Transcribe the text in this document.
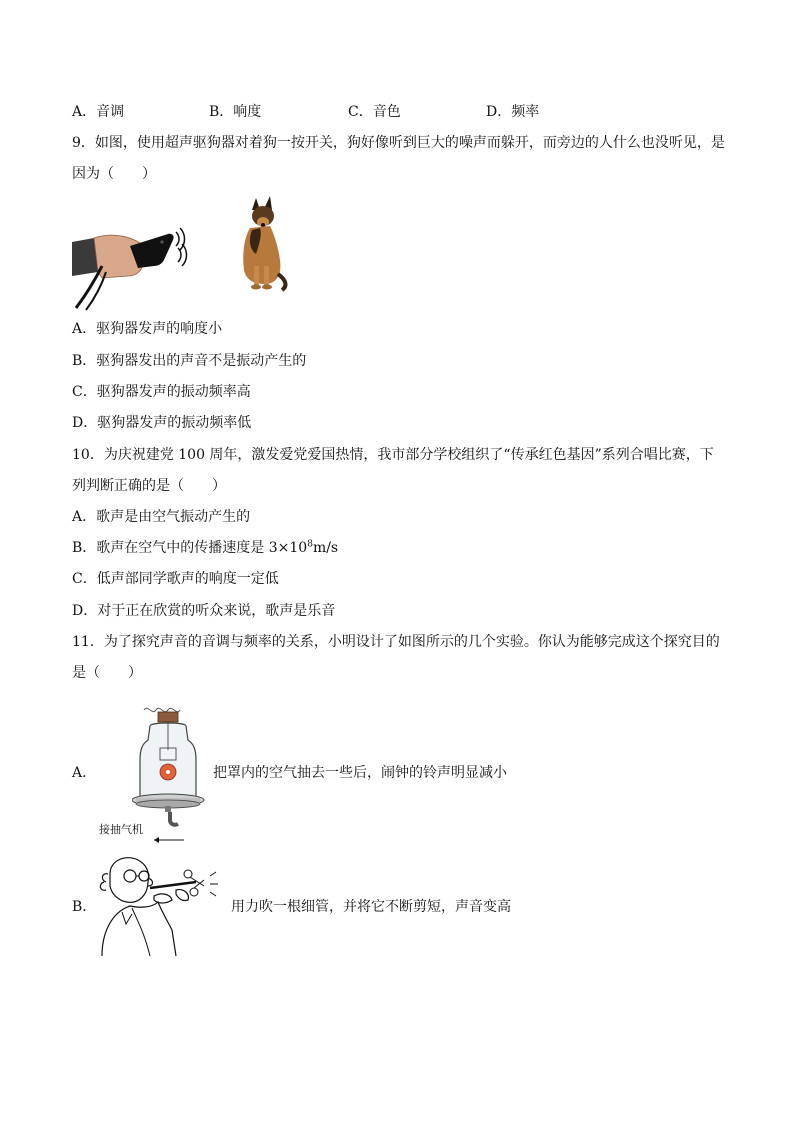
A．音调	B．响度	C．音色	D．频率
9．如图，使用超声驱狗器对着狗一按开关，狗好像听到巨大的噪声而躲开，而旁边的人什么也没听见，是
因为（　　）
A．驱狗器发声的响度小
B．驱狗器发出的声音不是振动产生的
C．驱狗器发声的振动频率高
D．驱狗器发声的振动频率低
10．为庆祝建党 100 周年，激发爱党爱国热情，我市部分学校组织了“传承红色基因”系列合唱比赛，下
列判断正确的是（　　）
A．歌声是由空气振动产生的
B．歌声在空气中的传播速度是 $3\times 10^8m/s$
C．低声部同学歌声的响度一定低
D．对于正在欣赏的听众来说，歌声是乐音
11．为了探究声音的音调与频率的关系，小明设计了如图所示的几个实验。你认为能够完成这个探究目的
是（　　）
A．
接抽气机
把罩内的空气抽去一些后，闹钟的铃声明显减小
B．	用力吹一根细管，并将它不断剪短，声音变高
